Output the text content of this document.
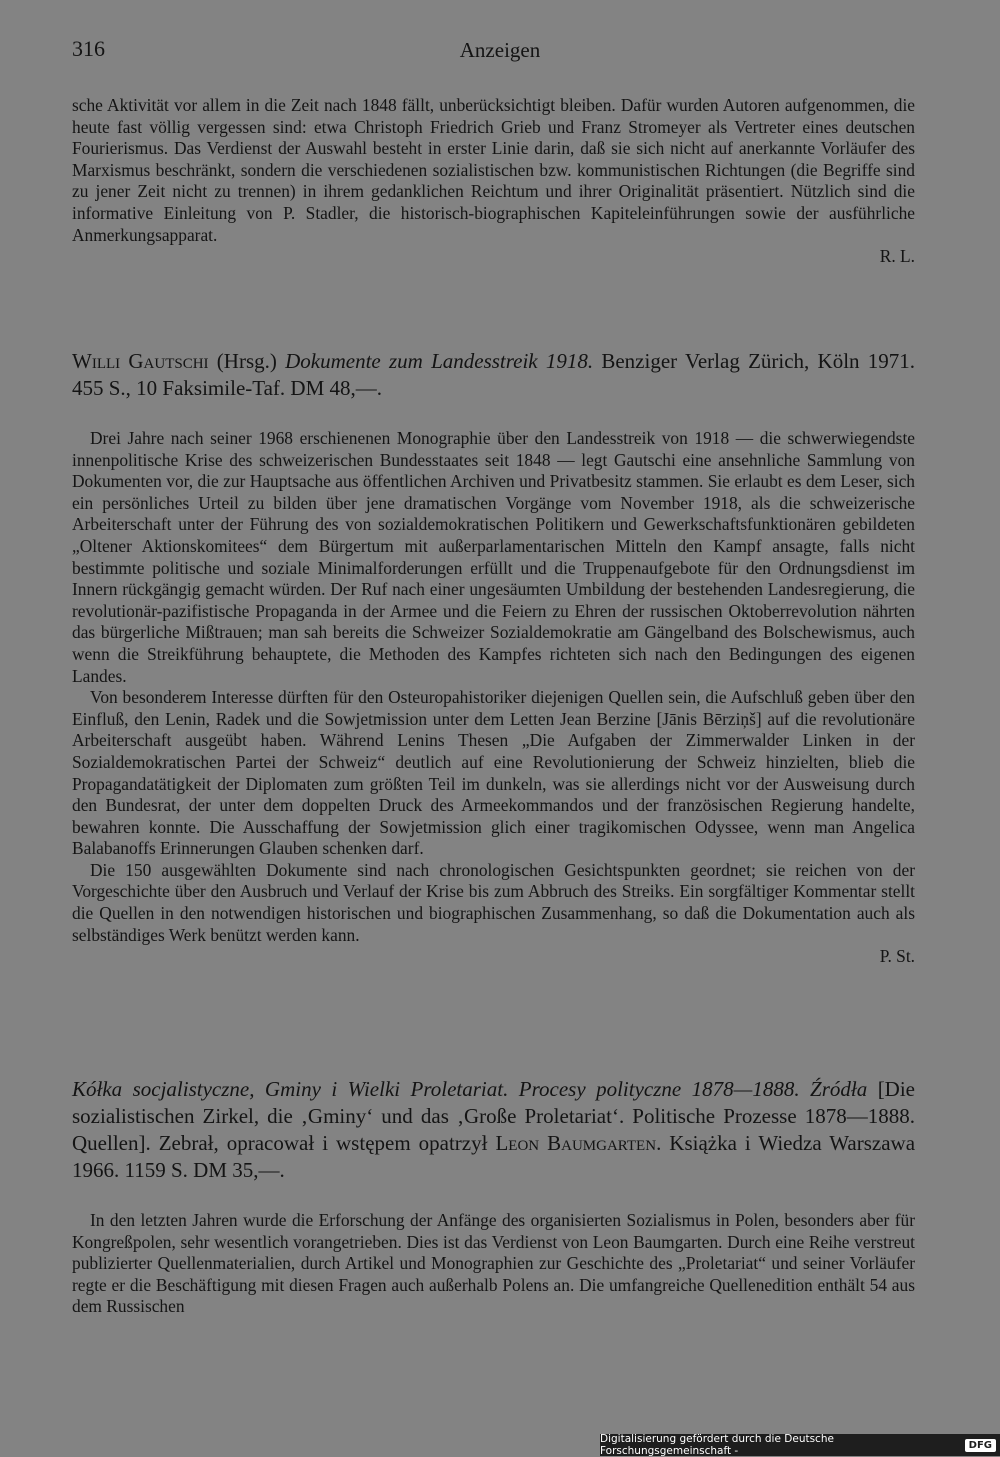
316	Anzeigen

sche Aktivität vor allem in die Zeit nach 1848 fällt, unberücksichtigt bleiben. Dafür wurden Autoren aufgenommen, die heute fast völlig vergessen sind: etwa Christoph Friedrich Grieb und Franz Stromeyer als Vertreter eines deutschen Fourierismus. Das Verdienst der Auswahl besteht in erster Linie darin, daß sie sich nicht auf anerkannte Vorläufer des Marxismus beschränkt, sondern die verschiedenen sozialistischen bzw. kommunistischen Richtungen (die Begriffe sind zu jener Zeit nicht zu trennen) in ihrem gedanklichen Reichtum und ihrer Originalität präsentiert. Nützlich sind die informative Einleitung von P. Stadler, die historisch-biographischen Kapiteleinführungen sowie der ausführliche Anmerkungsapparat.

R. L.

Willi Gautschi (Hrsg.) Dokumente zum Landesstreik 1918. Benziger Verlag Zürich, Köln 1971. 455 S., 10 Faksimile-Taf. DM 48,—.

Drei Jahre nach seiner 1968 erschienenen Monographie über den Landesstreik von 1918 — die schwerwiegendste innenpolitische Krise des schweizerischen Bundesstaates seit 1848 — legt Gautschi eine ansehnliche Sammlung von Dokumenten vor, die zur Hauptsache aus öffentlichen Archiven und Privatbesitz stammen. Sie erlaubt es dem Leser, sich ein persönliches Urteil zu bilden über jene dramatischen Vorgänge vom November 1918, als die schweizerische Arbeiterschaft unter der Führung des von sozialdemokratischen Politikern und Gewerkschaftsfunktionären gebildeten „Oltener Aktionskomitees“ dem Bürgertum mit außerparlamentarischen Mitteln den Kampf ansagte, falls nicht bestimmte politische und soziale Minimalforderungen erfüllt und die Truppenaufgebote für den Ordnungsdienst im Innern rückgängig gemacht würden. Der Ruf nach einer ungesäumten Umbildung der bestehenden Landesregierung, die revolutionär-pazifistische Propaganda in der Armee und die Feiern zu Ehren der russischen Oktoberrevolution nährten das bürgerliche Mißtrauen; man sah bereits die Schweizer Sozialdemokratie am Gängelband des Bolschewismus, auch wenn die Streikführung behauptete, die Methoden des Kampfes richteten sich nach den Bedingungen des eigenen Landes.

Von besonderem Interesse dürften für den Osteuropahistoriker diejenigen Quellen sein, die Aufschluß geben über den Einfluß, den Lenin, Radek und die Sowjetmission unter dem Letten Jean Berzine [Jānis Bērziņš] auf die revolutionäre Arbeiterschaft ausgeübt haben. Während Lenins Thesen „Die Aufgaben der Zimmerwalder Linken in der Sozialdemokratischen Partei der Schweiz“ deutlich auf eine Revolutionierung der Schweiz hinzielten, blieb die Propagandatätigkeit der Diplomaten zum größten Teil im dunkeln, was sie allerdings nicht vor der Ausweisung durch den Bundesrat, der unter dem doppelten Druck des Armeekommandos und der französischen Regierung handelte, bewahren konnte. Die Ausschaffung der Sowjetmission glich einer tragikomischen Odyssee, wenn man Angelica Balabanoffs Erinnerungen Glauben schenken darf.

Die 150 ausgewählten Dokumente sind nach chronologischen Gesichtspunkten geordnet; sie reichen von der Vorgeschichte über den Ausbruch und Verlauf der Krise bis zum Abbruch des Streiks. Ein sorgfältiger Kommentar stellt die Quellen in den notwendigen historischen und biographischen Zusammenhang, so daß die Dokumentation auch als selbständiges Werk benützt werden kann.

P. St.

Kółka socjalistyczne, Gminy i Wielki Proletariat. Procesy polityczne 1878—1888. Źródła [Die sozialistischen Zirkel, die ‚Gminy‘ und das ‚Große Proletariat‘. Politische Prozesse 1878—1888. Quellen]. Zebrał, opracował i wstępem opatrzył Leon Baumgarten. Książka i Wiedza Warszawa 1966. 1159 S. DM 35,—.

In den letzten Jahren wurde die Erforschung der Anfänge des organisierten Sozialismus in Polen, besonders aber für Kongreßpolen, sehr wesentlich vorangetrieben. Dies ist das Verdienst von Leon Baumgarten. Durch eine Reihe verstreut publizierter Quellenmaterialien, durch Artikel und Monographien zur Geschichte des „Proletariat“ und seiner Vorläufer regte er die Beschäftigung mit diesen Fragen auch außerhalb Polens an. Die umfangreiche Quellenedition enthält 54 aus dem Russischen

Digitalisierung gefördert durch die Deutsche Forschungsgemeinschaft -	DFG
